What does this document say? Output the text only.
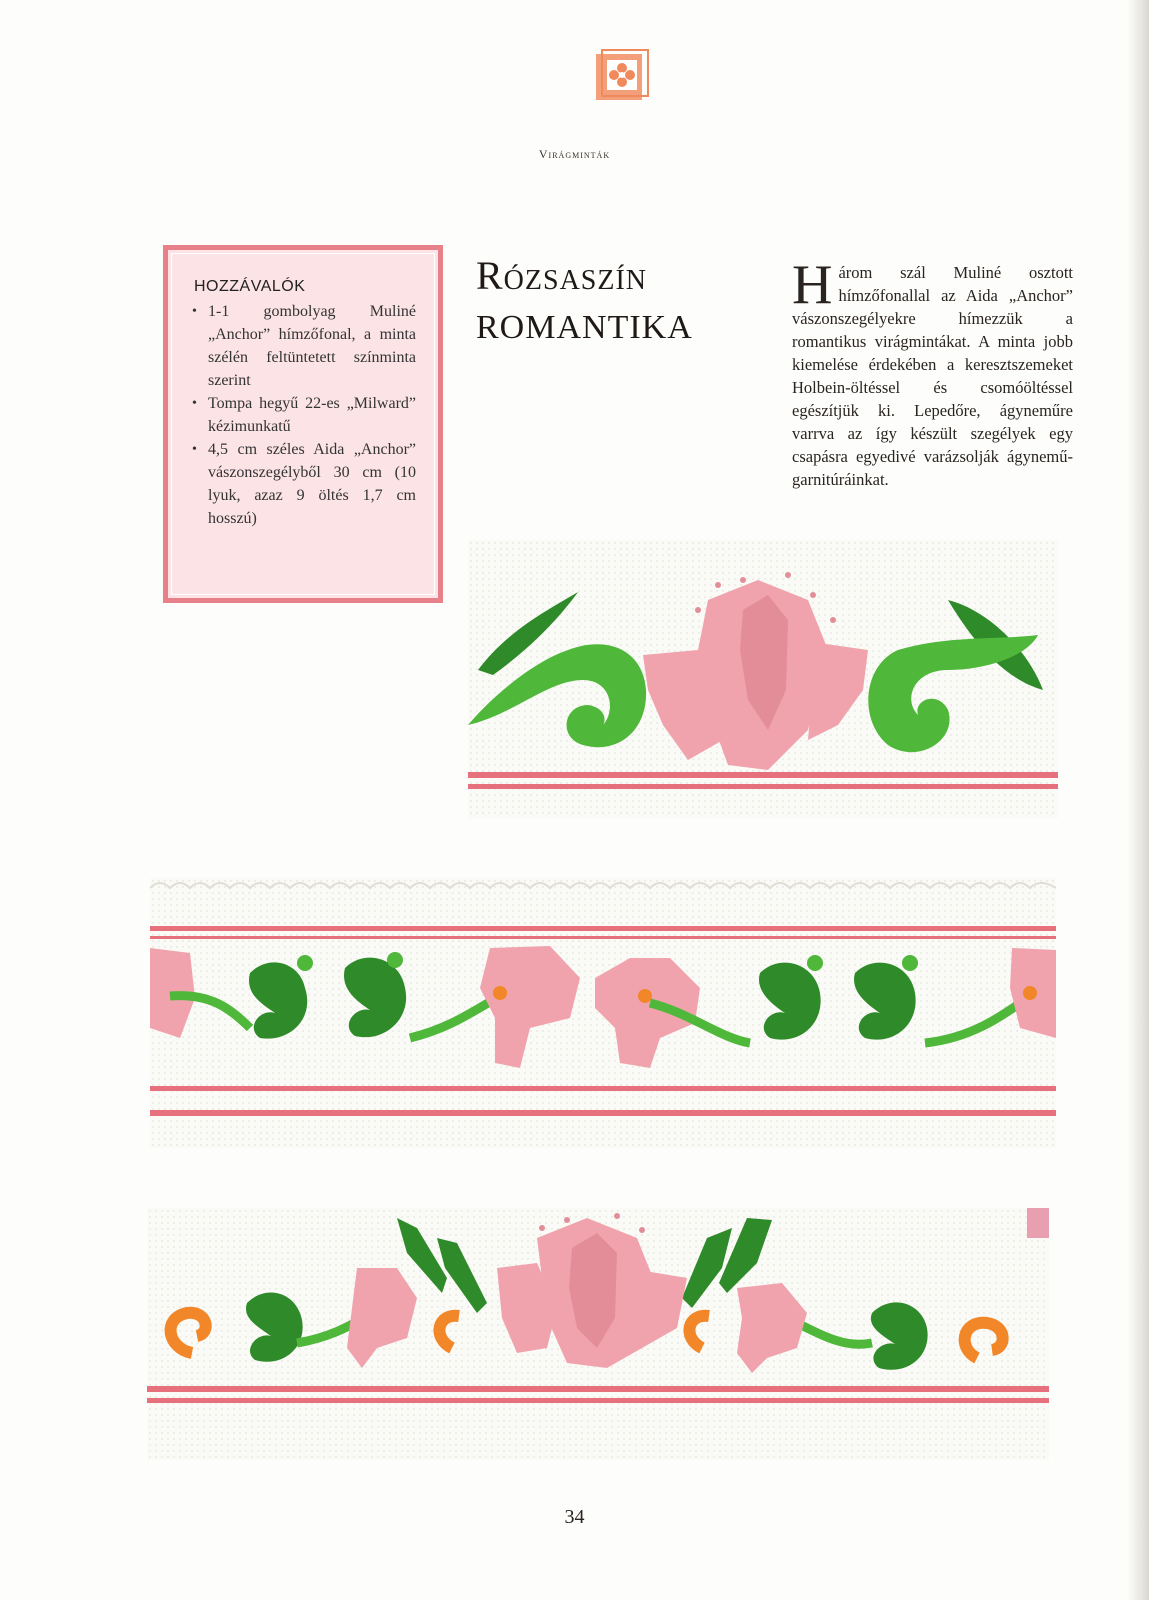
Virágminták
HOZZÁVALÓK
• 1-1 gombolyag Muliné „Anchor” hímzőfonal, a minta szélén feltüntetett színminta szerint
• Tompa hegyű 22-es „Milward” kézimunkatű
• 4,5 cm széles Aida „Anchor” vászonszegélyből 30 cm (10 lyuk, azaz 9 öltés 1,7 cm hosszú)
Rózsaszín
ROMANTIKA
Három szál Muliné osztott hímzőfonallal az Aida „Anchor” vászonszegélyekre hímezzük a romantikus virágmintákat. A minta jobb kiemelése érdekében a keresztszemeket Holbein-öltéssel és csomóöltéssel egészítjük ki. Lepedőre, ágyneműre varrva az így készült szegélyek egy csapásra egyedivé varázsolják ágynemű-garnitúráinkat.
34
